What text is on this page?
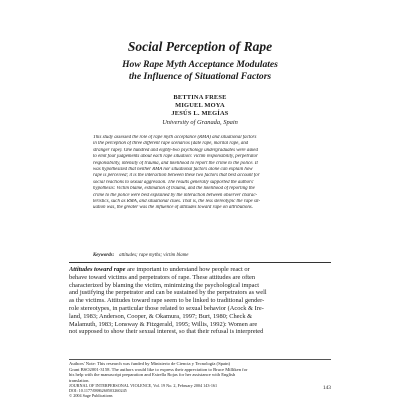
Social Perception of Rape
How Rape Myth Acceptance Modulates
the Influence of Situational Factors
BETTINA FRESE
MIGUEL MOYA
JESÚS L. MEGÍAS
University of Granada, Spain
This study assessed the role of rape myth acceptance (RMA) and situational factors
in the perception of three different rape scenarios (date rape, marital rape, and
stranger rape). One hundred and eighty-two psychology undergraduates were asked
to emit four judgements about each rape situation: victim responsibility, perpetrator
responsibility, intensity of trauma, and likelihood to report the crime to the police. It
was hypothesized that neither RMA nor situational factors alone can explain how
rape is perceived; it is the interaction between these two factors that best account for
social reactions to sexual aggression. The results generally supported the authors'
hypothesis: Victim blame, estimation of trauma, and the likelihood of reporting the
crime to the police were best explained by the interaction between observer charac-
teristics, such as RMA, and situational clues. That is, the less stereotypic the rape sit-
uation was, the greater was the influence of attitudes toward rape on attributions.
Keywords: attitudes; rape myths; victim blame
Attitudes toward rape are important to understand how people react or
behave toward victims and perpetrators of rape. These attitudes are often
characterized by blaming the victim, minimizing the psychological impact
and justifying the perpetrator and can be sustained by the perpetrators as well
as the victims. Attitudes toward rape seem to be linked to traditional gender-
role stereotypes, in particular those related to sexual behavior (Acock & Ire-
land, 1983; Anderson, Cooper, & Okamura, 1997; Burt, 1980; Check &
Malamuth, 1983; Lonsway & Fitzgerald, 1995; Willis, 1992): Women are
not supposed to show their sexual interest, so that their refusal is interpreted
Authors' Note: This research was funded by Ministerio de Ciencia y Tecnología (Spain)
Grant BSO2001-3158. The authors would like to express their appreciation to Bruce Milliken for
his help with the manuscript preparation and Estrella Rojas for her assistance with English
translation.
JOURNAL OF INTERPERSONAL VIOLENCE, Vol. 19 No. 2, February 2004 143-161
DOI: 10.1177/0886260503260245
© 2004 Sage Publications
143
